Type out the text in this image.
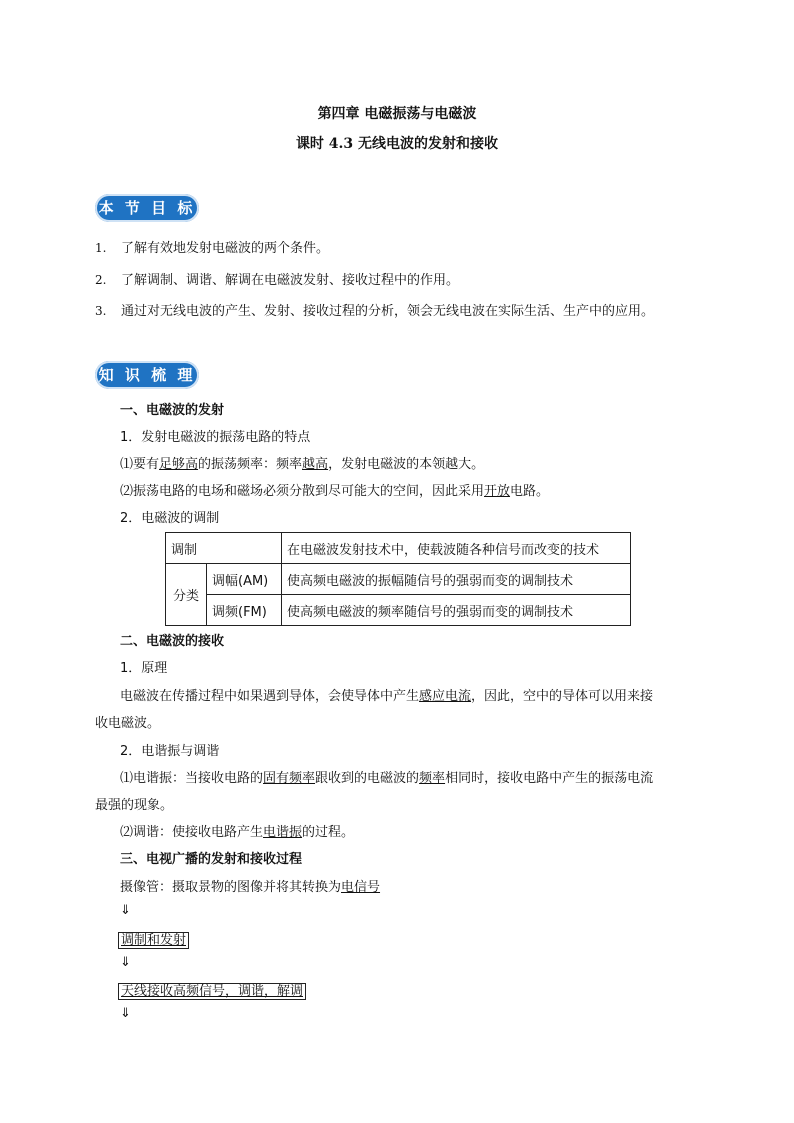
第四章 电磁振荡与电磁波
课时 4.3 无线电波的发射和接收
本 节 目 标
1. 了解有效地发射电磁波的两个条件。
2. 了解调制、调谐、解调在电磁波发射、接收过程中的作用。
3. 通过对无线电波的产生、发射、接收过程的分析，领会无线电波在实际生活、生产中的应用。
知 识 梳 理
一、电磁波的发射
1．发射电磁波的振荡电路的特点
⑴要有足够高的振荡频率：频率越高，发射电磁波的本领越大。
⑵振荡电路的电场和磁场必须分散到尽可能大的空间，因此采用开放电路。
2．电磁波的调制
调制		在电磁波发射技术中，使载波随各种信号而改变的技术
分类	调幅(AM)	使高频电磁波的振幅随信号的强弱而变的调制技术
	调频(FM)	使高频电磁波的频率随信号的强弱而变的调制技术
二、电磁波的接收
1．原理
电磁波在传播过程中如果遇到导体，会使导体中产生感应电流，因此，空中的导体可以用来接
收电磁波。
2．电谐振与调谐
⑴电谐振：当接收电路的固有频率跟收到的电磁波的频率相同时，接收电路中产生的振荡电流
最强的现象。
⑵调谐：使接收电路产生电谐振的过程。
三、电视广播的发射和接收过程
摄像管：摄取景物的图像并将其转换为电信号
⇓
调制和发射
⇓
天线接收高频信号，调谐，解调
⇓
